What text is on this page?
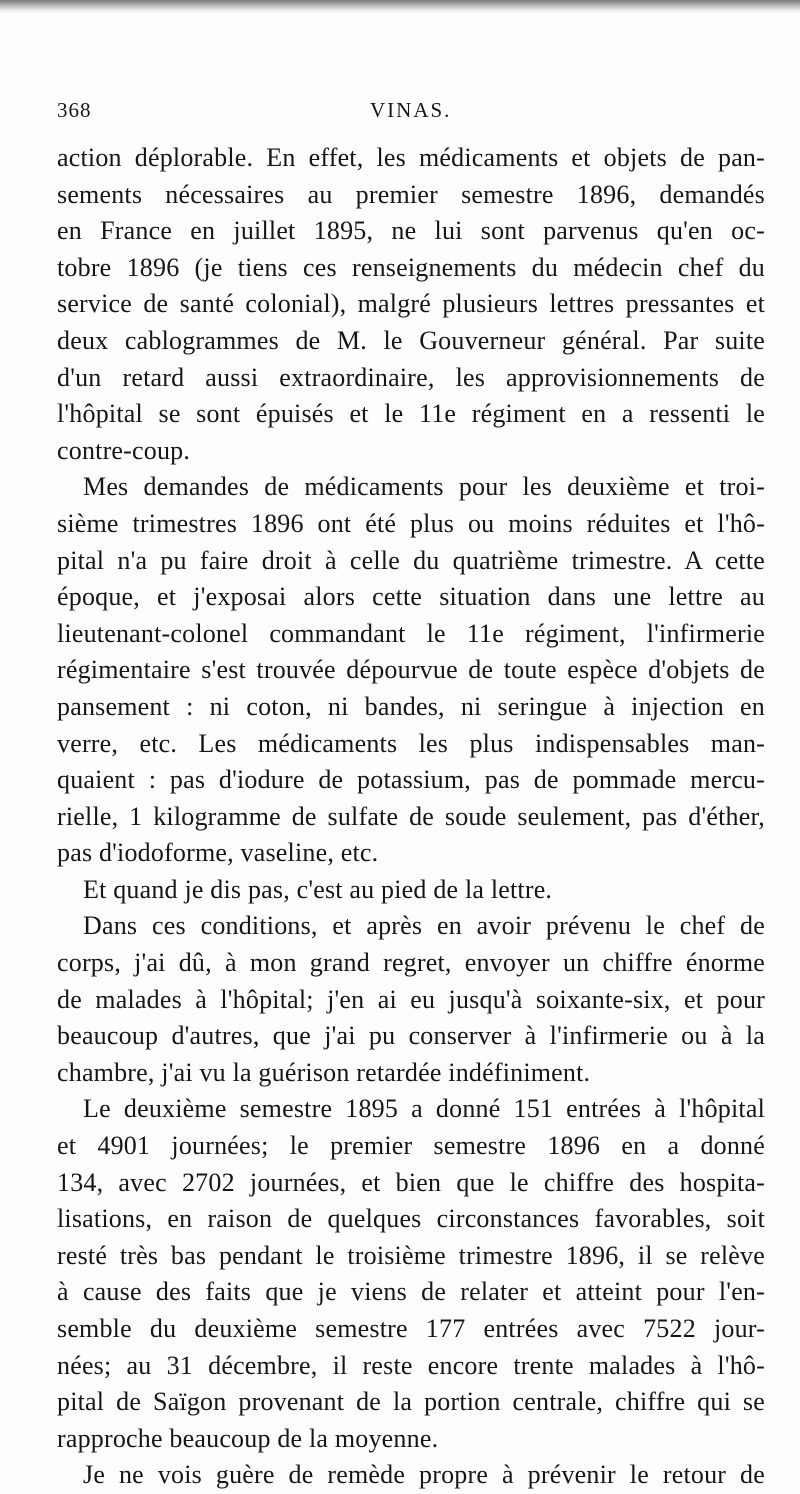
368	VINAS.
action déplorable. En effet, les médicaments et objets de pan-
sements nécessaires au premier semestre 1896, demandés
en France en juillet 1895, ne lui sont parvenus qu'en oc-
tobre 1896 (je tiens ces renseignements du médecin chef du
service de santé colonial), malgré plusieurs lettres pressantes et
deux cablogrammes de M. le Gouverneur général. Par suite
d'un retard aussi extraordinaire, les approvisionnements de
l'hôpital se sont épuisés et le 11e régiment en a ressenti le
contre-coup.
Mes demandes de médicaments pour les deuxième et troi-
sième trimestres 1896 ont été plus ou moins réduites et l'hô-
pital n'a pu faire droit à celle du quatrième trimestre. A cette
époque, et j'exposai alors cette situation dans une lettre au
lieutenant-colonel commandant le 11e régiment, l'infirmerie
régimentaire s'est trouvée dépourvue de toute espèce d'objets de
pansement : ni coton, ni bandes, ni seringue à injection en
verre, etc. Les médicaments les plus indispensables man-
quaient : pas d'iodure de potassium, pas de pommade mercu-
rielle, 1 kilogramme de sulfate de soude seulement, pas d'éther,
pas d'iodoforme, vaseline, etc.
Et quand je dis pas, c'est au pied de la lettre.
Dans ces conditions, et après en avoir prévenu le chef de
corps, j'ai dû, à mon grand regret, envoyer un chiffre énorme
de malades à l'hôpital; j'en ai eu jusqu'à soixante-six, et pour
beaucoup d'autres, que j'ai pu conserver à l'infirmerie ou à la
chambre, j'ai vu la guérison retardée indéfiniment.
Le deuxième semestre 1895 a donné 151 entrées à l'hôpital
et 4901 journées; le premier semestre 1896 en a donné
134, avec 2702 journées, et bien que le chiffre des hospita-
lisations, en raison de quelques circonstances favorables, soit
resté très bas pendant le troisième trimestre 1896, il se relève
à cause des faits que je viens de relater et atteint pour l'en-
semble du deuxième semestre 177 entrées avec 7522 jour-
nées; au 31 décembre, il reste encore trente malades à l'hô-
pital de Saïgon provenant de la portion centrale, chiffre qui se
rapproche beaucoup de la moyenne.
Je ne vois guère de remède propre à prévenir le retour de
